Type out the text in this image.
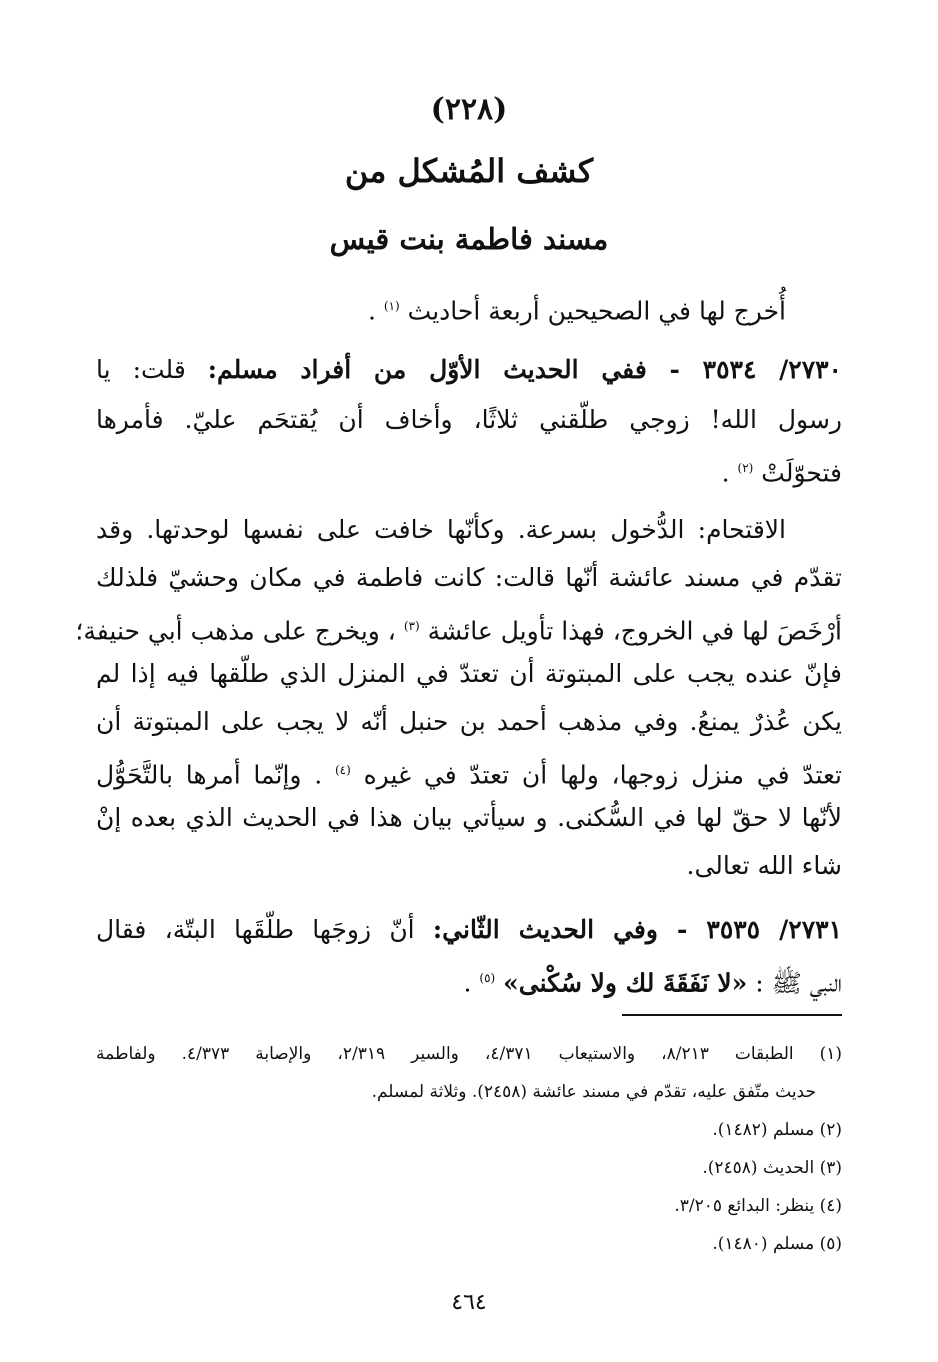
(٢٢٨)
كشف المُشكل من
مسند فاطمة بنت قيس
أُخرج لها في الصحيحين أربعة أحاديث $^{(١)}$ .
٢٧٣٠/ ٣٥٣٤ - ففي الحديث الأوّل من أفراد مسلم: قلت: يا
رسول الله! زوجي طلّقني ثلاثًا، وأخاف أن يُقتحَم عليّ. فأمرها
فتحوّلَتْ $^{(٢)}$ .
الاقتحام: الدُّخول بسرعة. وكأنّها خافت على نفسها لوحدتها. وقد
تقدّم في مسند عائشة أنّها قالت: كانت فاطمة في مكان وحشيّ فلذلك
أرْخَصَ لها في الخروج، فهذا تأويل عائشة $^{(٣)}$ ، ويخرج على مذهب أبي حنيفة؛
فإنّ عنده يجب على المبتوتة أن تعتدّ في المنزل الذي طلّقها فيه إذا لم
يكن عُذرٌ يمنعُ. وفي مذهب أحمد بن حنبل أنّه لا يجب على المبتوتة أن
تعتدّ في منزل زوجها، ولها أن تعتدّ في غيره $^{(٤)}$ . وإنّما أمرها بالتَّحَوُّل
لأنّها لا حقّ لها في السُّكنى. و سيأتي بيان هذا في الحديث الذي بعده إنْ
شاء الله تعالى.
٢٧٣١/ ٣٥٣٥ - وفي الحديث الثّاني: أنّ زوجَها طلّقَها البتّة، فقال
النبي ﷺ : «لا نَفَقَةَ لك ولا سُكْنى» $^{(٥)}$ .
(١) الطبقات ٨/٢١٣، والاستيعاب ٤/٣٧١، والسير ٢/٣١٩، والإصابة ٤/٣٧٣. ولفاطمة
حديث متّفق عليه، تقدّم في مسند عائشة (٢٤٥٨). وثلاثة لمسلم.
(٢) مسلم (١٤٨٢).
(٣) الحديث (٢٤٥٨).
(٤) ينظر: البدائع ٣/٢٠٥.
(٥) مسلم (١٤٨٠).
٤٦٤
